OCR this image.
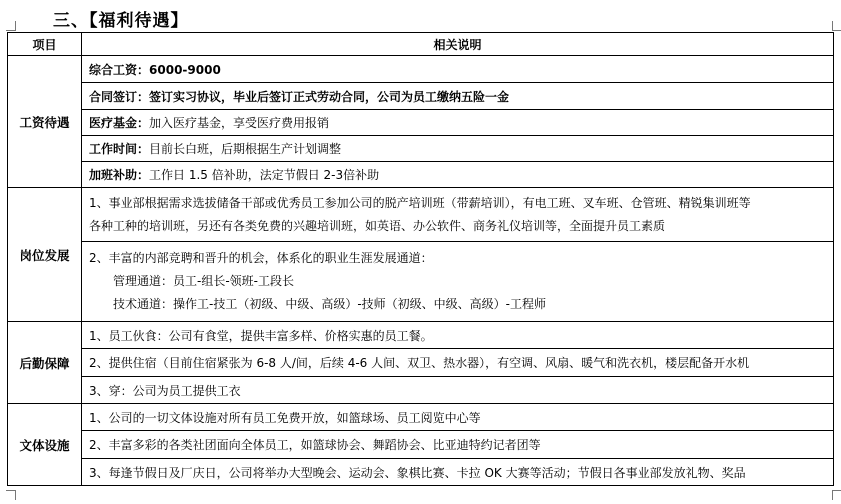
三、【福利待遇】
项目	相关说明
工资待遇	综合工资：6000-9000
	合同签订：签订实习协议，毕业后签订正式劳动合同，公司为员工缴纳五险一金
	医疗基金：加入医疗基金，享受医疗费用报销
	工作时间：目前长白班，后期根据生产计划调整
	加班补助：工作日 1.5 倍补助，法定节假日 2-3倍补助
岗位发展	1、事业部根据需求选拔储备干部或优秀员工参加公司的脱产培训班（带薪培训），有电工班、叉车班、仓管班、精锐集训班等
各种工种的培训班，另还有各类免费的兴趣培训班，如英语、办公软件、商务礼仪培训等，全面提升员工素质

	2、丰富的内部竞聘和晋升的机会，体系化的职业生涯发展通道：
管理通道：员工-组长-领班-工段长
技术通道：操作工-技工（初级、中级、高级）-技师（初级、中级、高级）-工程师

后勤保障	1、员工伙食：公司有食堂，提供丰富多样、价格实惠的员工餐。
	2、提供住宿（目前住宿紧张为 6-8 人/间，后续 4-6 人间、双卫、热水器），有空调、风扇、暖气和洗衣机，楼层配备开水机
	3、穿：公司为员工提供工衣
文体设施	1、公司的一切文体设施对所有员工免费开放，如篮球场、员工阅览中心等
	2、丰富多彩的各类社团面向全体员工，如篮球协会、舞蹈协会、比亚迪特约记者团等
	3、每逢节假日及厂庆日，公司将举办大型晚会、运动会、象棋比赛、卡拉 OK 大赛等活动；节假日各事业部发放礼物、奖品
